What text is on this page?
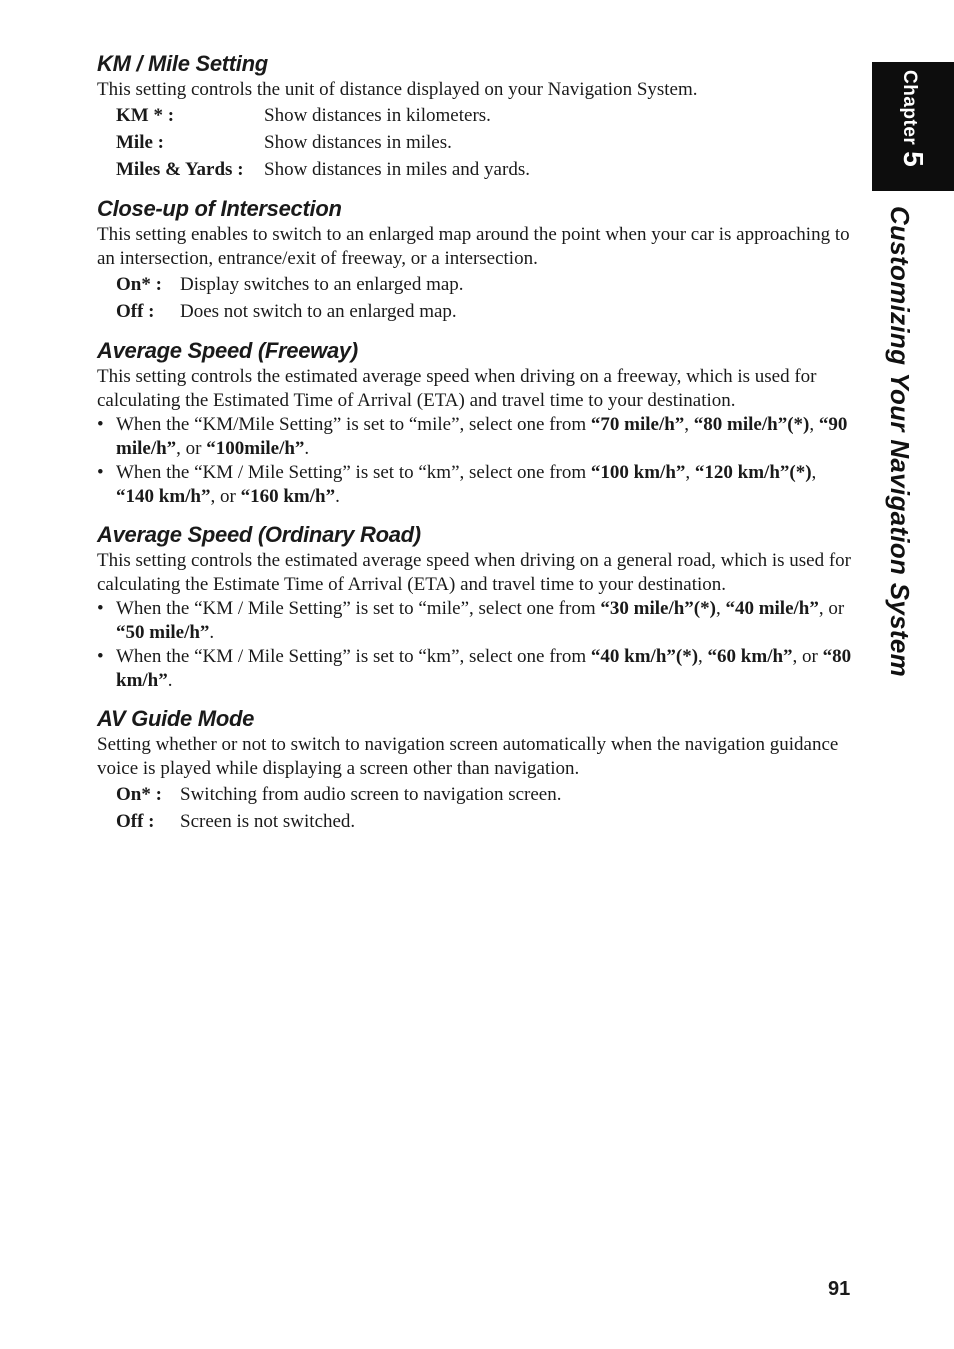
Chapter5
Customizing Your Navigation System
KM / Mile Setting

This setting controls the unit of distance displayed on your Navigation System.

KM * :	Show distances in kilometers.
Mile :	Show distances in miles.
Miles & Yards :	Show distances in miles and yards.
Close-up of Intersection

This setting enables to switch to an enlarged map around the point when your car is approaching to an intersection, entrance/exit of freeway, or a intersection.

On* : Display switches to an enlarged map.
Off :	Does not switch to an enlarged map.
Average Speed (Freeway)

This setting controls the estimated average speed when driving on a freeway, which is used for calculating the Estimated Time of Arrival (ETA) and travel time to your destination.

• When the “KM/Mile Setting” is set to “mile”, select one from “70 mile/h”, “80 mile/h”(*), “90 mile/h”, or “100mile/h”.
• When the “KM / Mile Setting” is set to “km”, select one from “100 km/h”, “120 km/h”(*), “140 km/h”, or “160 km/h”.
Average Speed (Ordinary Road)

This setting controls the estimated average speed when driving on a general road, which is used for calculating the Estimate Time of Arrival (ETA) and travel time to your destination.

• When the “KM / Mile Setting” is set to “mile”, select one from “30 mile/h”(*), “40 mile/h”, or “50 mile/h”.
• When the “KM / Mile Setting” is set to “km”, select one from “40 km/h”(*), “60 km/h”, or “80 km/h”.
AV Guide Mode

Setting whether or not to switch to navigation screen automatically when the navigation guidance voice is played while displaying a screen other than navigation.

On* : Switching from audio screen to navigation screen.
Off :	Screen is not switched.
91
